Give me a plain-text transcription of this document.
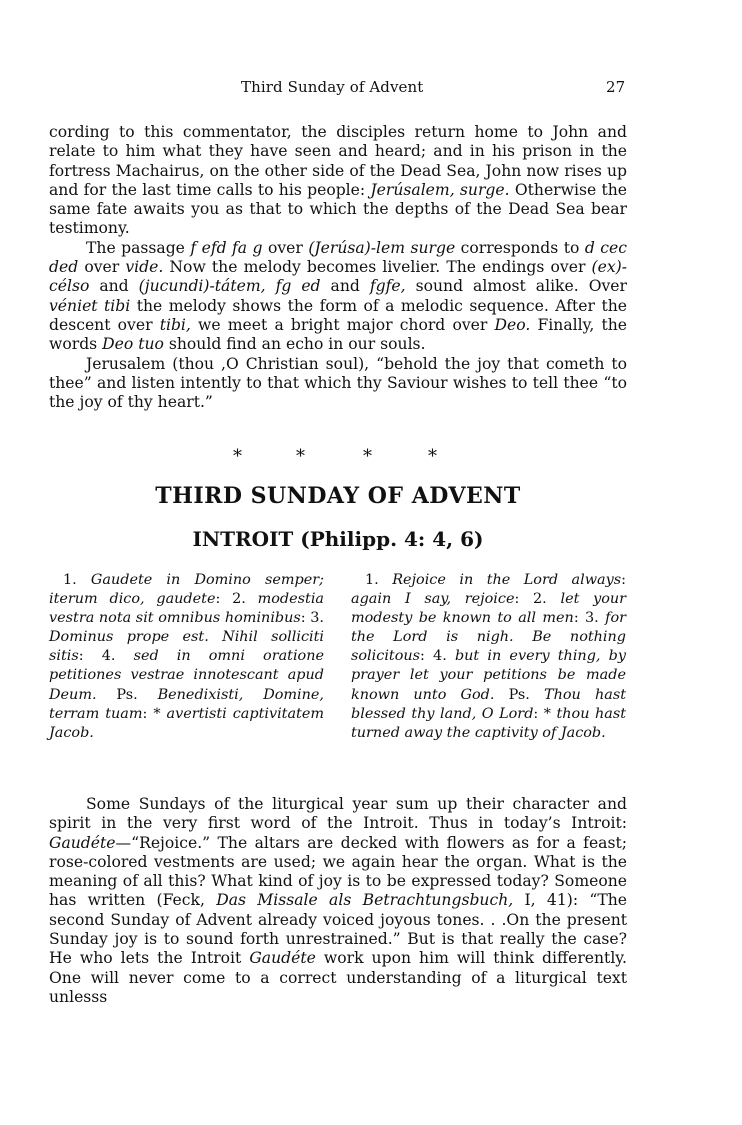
Third Sunday of Advent	27

cording to this commentator, the disciples return home to John and relate to him what they have seen and heard; and in his prison in the fortress Machairus, on the other side of the Dead Sea, John now rises up and for the last time calls to his people: Jerúsalem, surge. Otherwise the same fate awaits you as that to which the depths of the Dead Sea bear testimony.

The passage f efd fa g over (Jerúsa)-lem surge corresponds to d cec ded over vide. Now the melody becomes livelier. The endings over (ex)-célso and (jucundi)-tátem, fg ed and fgfe, sound almost alike. Over véniet tibi the melody shows the form of a melodic sequence. After the descent over tibi, we meet a bright major chord over Deo. Finally, the words Deo tuo should find an echo in our souls.

Jerusalem (thou ,O Christian soul), “behold the joy that cometh to thee” and listen intently to that which thy Saviour wishes to tell thee “to the joy of thy heart.”

*	*	*	*
THIRD SUNDAY OF ADVENT
INTROIT (Philipp. 4: 4, 6)

1. Gaudete in Domino semper; iterum dico, gaudete: 2. modestia vestra nota sit omnibus hominibus: 3. Dominus prope est. Nihil solliciti sitis: 4. sed in omni oratione petitiones vestrae innotescant apud Deum. Ps. Benedixisti, Domine, terram tuam: * avertisti captivitatem Jacob.

1. Rejoice in the Lord always: again I say, rejoice: 2. let your modesty be known to all men: 3. for the Lord is nigh. Be nothing solicitous: 4. but in every thing, by prayer let your petitions be made known unto God. Ps. Thou hast blessed thy land, O Lord: * thou hast turned away the captivity of Jacob.

Some Sundays of the liturgical year sum up their character and spirit in the very first word of the Introit. Thus in today’s Introit: Gaudéte—“Rejoice.” The altars are decked with flowers as for a feast; rose-colored vestments are used; we again hear the organ. What is the meaning of all this? What kind of joy is to be expressed today? Someone has written (Feck, Das Missale als Betrachtungsbuch, I, 41): “The second Sunday of Advent already voiced joyous tones. . .On the present Sunday joy is to sound forth unrestrained.” But is that really the case? He who lets the Introit Gaudéte work upon him will think differently. One will never come to a correct understanding of a liturgical text unlesss
